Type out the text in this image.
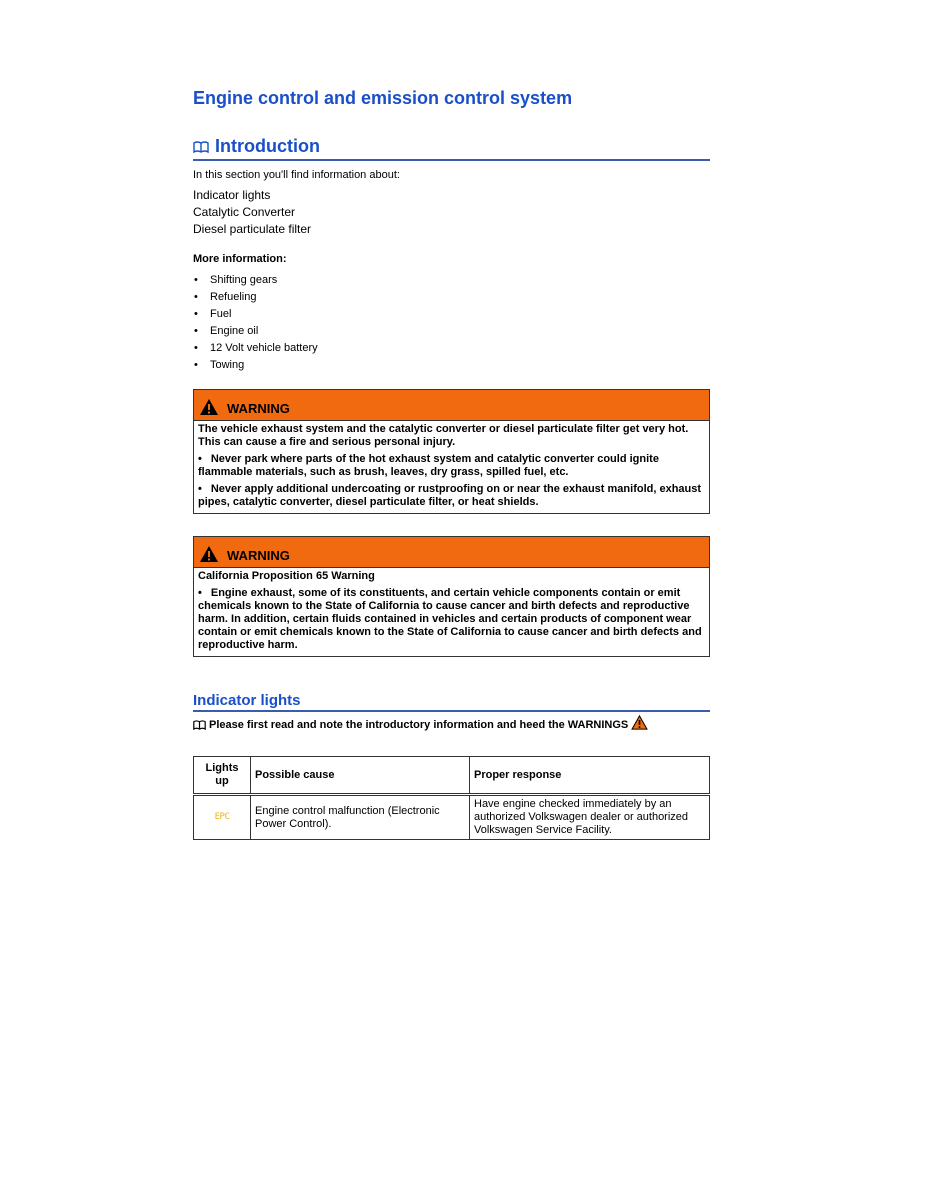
Engine control and emission control system
Introduction
In this section you'll find information about:
Indicator lights
Catalytic Converter
Diesel particulate filter
More information:
• Shifting gears
• Refueling
• Fuel
• Engine oil
• 12 Volt vehicle battery
• Towing
WARNING

The vehicle exhaust system and the catalytic converter or diesel particulate filter get very hot. This can cause a fire and serious personal injury.

• Never park where parts of the hot exhaust system and catalytic converter could ignite flammable materials, such as brush, leaves, dry grass, spilled fuel, etc.

• Never apply additional undercoating or rustproofing on or near the exhaust manifold, exhaust pipes, catalytic converter, diesel particulate filter, or heat shields.

WARNING

California Proposition 65 Warning

• Engine exhaust, some of its constituents, and certain vehicle components contain or emit chemicals known to the State of California to cause cancer and birth defects and reproductive harm. In addition, certain fluids contained in vehicles and certain products of component wear contain or emit chemicals known to the State of California to cause cancer and birth defects and reproductive harm.

Indicator lights
Please first read and note the introductory information and heed the WARNINGS
Lights up	Possible cause	Proper response

EPC	Engine control malfunction (Electronic Power Control).	Have engine checked immediately by an authorized Volkswagen dealer or authorized Volkswagen Service Facility.
